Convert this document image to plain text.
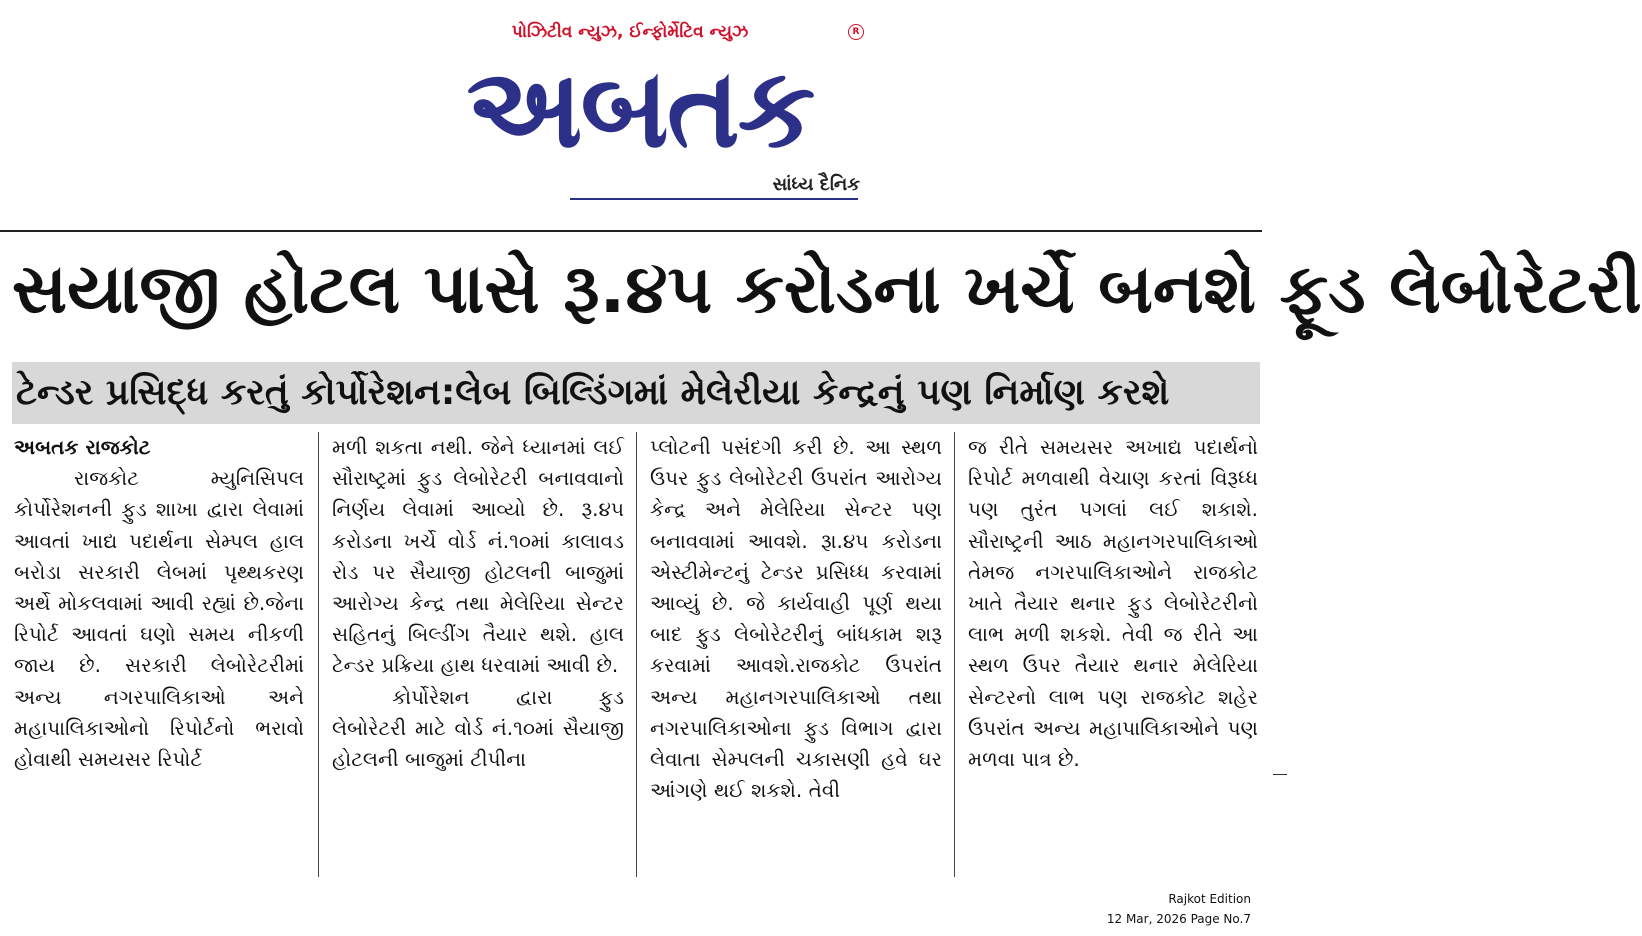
પોઝિટીવ ન્યુઝ, ઈન્ફોર્મેટિવ ન્યુઝ	R
અબતક
સાંધ્ય દૈનિક
સયાજી હોટલ પાસે રૂ.૪૫ કરોડના ખર્ચે બનશે ફૂડ લેબોરેટરી
ટેન્ડર પ્રસિદ્ધ કરતું કોર્પોરેશન:લેબ બિલ્ડિંગમાં મેલેરીયા કેન્દ્રનું પણ નિર્માણ કરશે

અબતક રાજકોટ

રાજકોટ મ્યુનિસિપલ કોર્પોરેશનની ફુડ શાખા દ્વારા લેવામાં આવતાં ખાદ્ય પદાર્થના સેમ્પલ હાલ બરોડા સરકારી લેબમાં પૃથ્થકરણ અર્થે મોકલવામાં આવી રહ્યાં છે.જેના રિપોર્ટ આવતાં ઘણો સમય નીકળી જાય છે. સરકારી લેબોરેટરીમાં અન્ય નગરપાલિકાઓ અને મહાપાલિકાઓનો રિપોર્ટનો ભરાવો હોવાથી સમયસર રિપોર્ટ

મળી શકતા નથી. જેને ધ્યાનમાં લઈ સૌરાષ્ટ્રમાં ફુડ લેબોરેટરી બનાવવાનો નિર્ણય લેવામાં આવ્યો છે. રૂ.૪૫ કરોડના ખર્ચે વોર્ડ નં.૧૦માં કાલાવડ રોડ પર સૈયાજી હોટલની બાજુમાં આરોગ્ય કેન્દ્ર તથા મેલેરિયા સેન્ટર સહિતનું બિલ્ડીંગ તૈયાર થશે. હાલ ટેન્ડર પ્રક્રિયા હાથ ધરવામાં આવી છે.

કોર્પોરેશન દ્વારા ફુડ લેબોરેટરી માટે વોર્ડ નં.૧૦માં સૈયાજી હોટલની બાજુમાં ટીપીના

પ્લોટની પસંદગી કરી છે. આ સ્થળ ઉપર ફુડ લેબોરેટરી ઉપરાંત આરોગ્ય કેન્દ્ર અને મેલેરિયા સેન્ટર પણ બનાવવામાં આવશે. રૂા.૪૫ કરોડના એસ્ટીમેન્ટનું ટેન્ડર પ્રસિધ્ધ કરવામાં આવ્યું છે. જે કાર્યવાહી પૂર્ણ થયા બાદ ફુડ લેબોરેટરીનું બાંધકામ શરૂ કરવામાં આવશે.રાજકોટ ઉપરાંત અન્ય મહાનગરપાલિકાઓ તથા નગરપાલિકાઓના ફુડ વિભાગ દ્વારા લેવાતા સેમ્પલની ચકાસણી હવે ઘર આંગણે થઈ શકશે. તેવી

જ રીતે સમયસર અખાદ્ય પદાર્થનો રિપોર્ટ મળવાથી વેચાણ કરતાં વિરૂધ્ધ પણ તુરંત પગલાં લઈ શકાશે. સૌરાષ્ટ્રની આઠ મહાનગરપાલિકાઓ તેમજ નગરપાલિકાઓને રાજકોટ ખાતે તૈયાર થનાર ફુડ લેબોરેટરીનો લાભ મળી શકશે. તેવી જ રીતે આ સ્થળ ઉપર તૈયાર થનાર મેલેરિયા સેન્ટરનો લાભ પણ રાજકોટ શહેર ઉપરાંત અન્ય મહાપાલિકાઓને પણ મળવા પાત્ર છે.

Rajkot Edition
12 Mar, 2026 Page No.7
